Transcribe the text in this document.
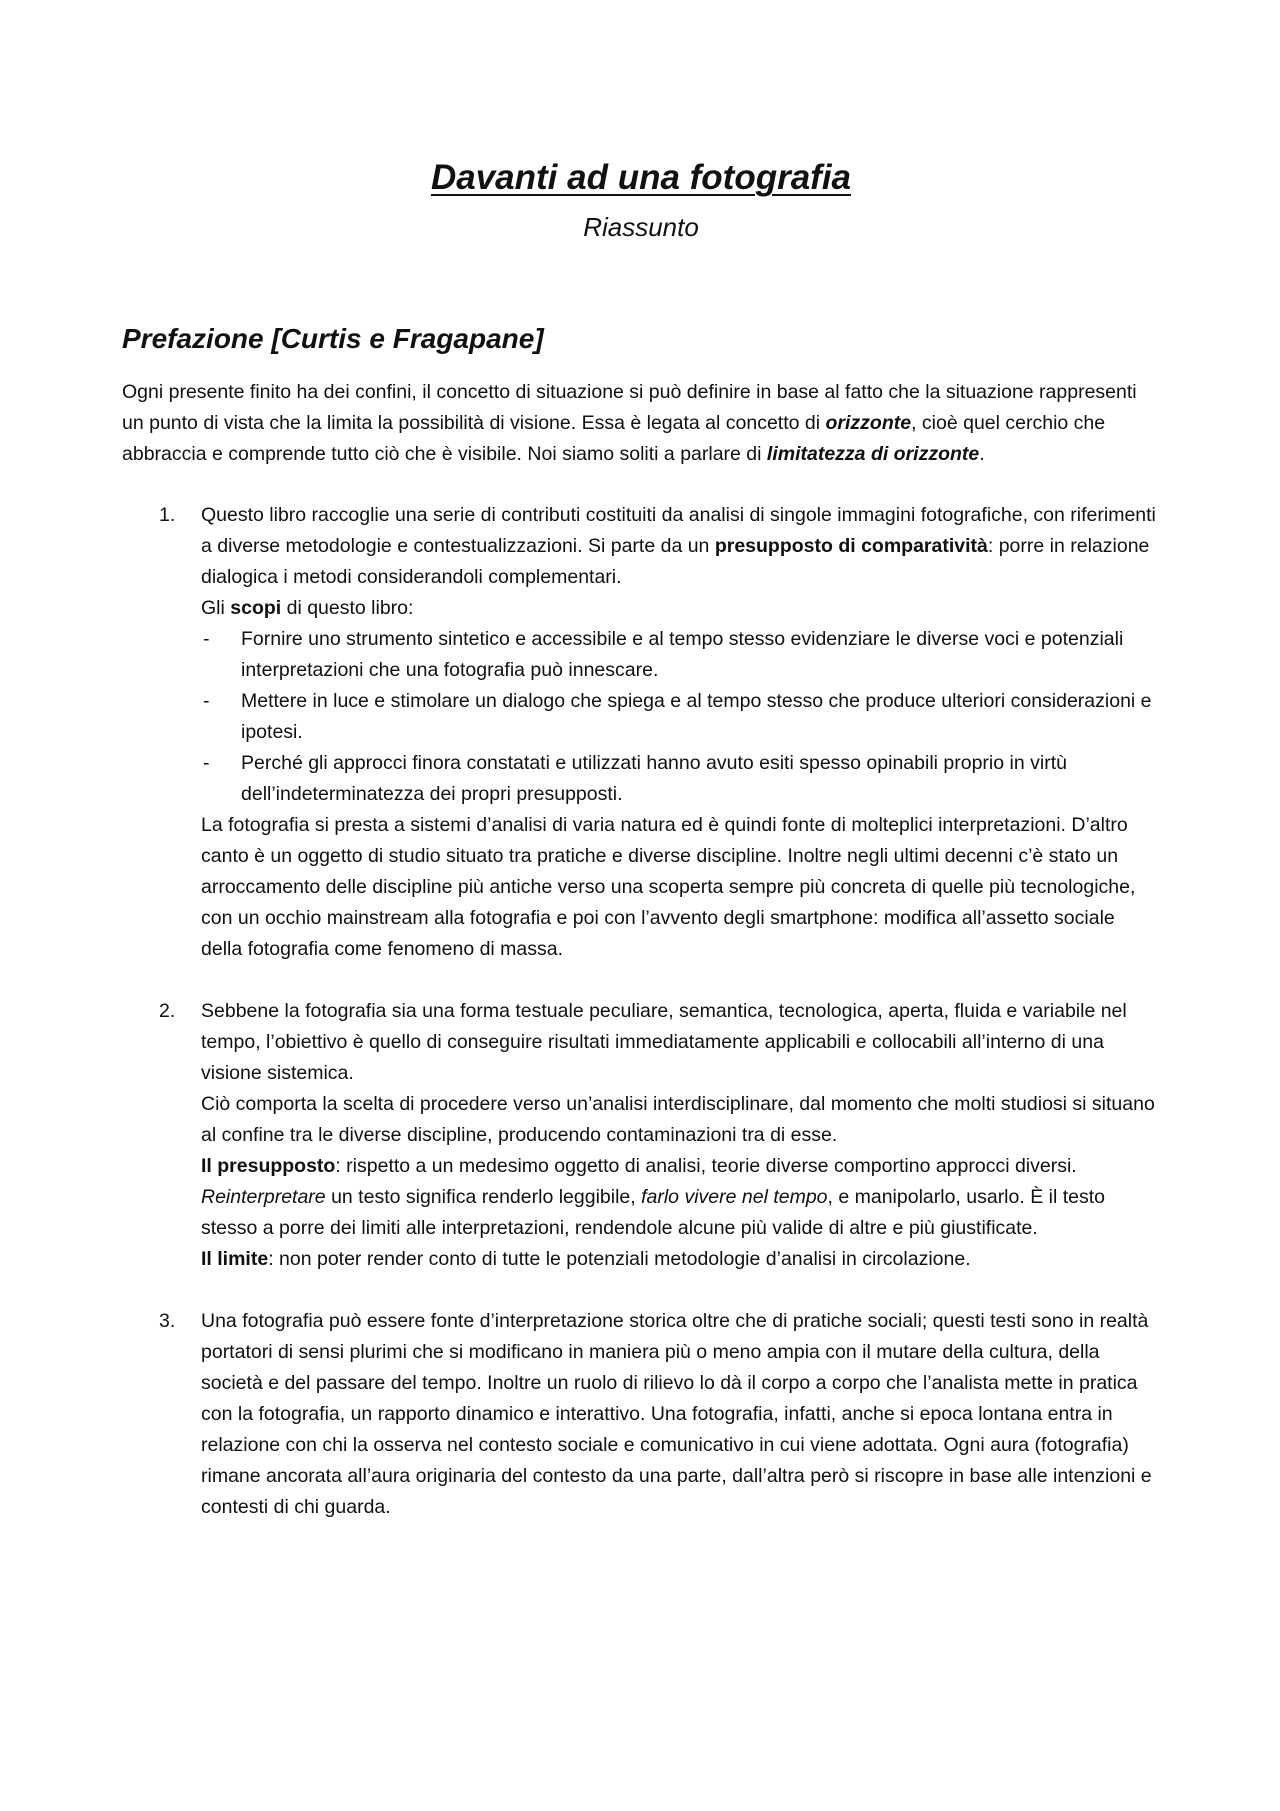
Davanti ad una fotografia

Riassunto

Prefazione [Curtis e Fragapane]

Ogni presente finito ha dei confini, il concetto di situazione si può definire in base al fatto che la situazione rappresenti un punto di vista che la limita la possibilità di visione. Essa è legata al concetto di orizzonte, cioè quel cerchio che abbraccia e comprende tutto ciò che è visibile. Noi siamo soliti a parlare di limitatezza di orizzonte.

1. Questo libro raccoglie una serie di contributi costituiti da analisi di singole immagini fotografiche, con riferimenti a diverse metodologie e contestualizzazioni. Si parte da un presupposto di comparatività: porre in relazione dialogica i metodi considerandoli complementari.
Gli scopi di questo libro:
- Fornire uno strumento sintetico e accessibile e al tempo stesso evidenziare le diverse voci e potenziali interpretazioni che una fotografia può innescare.
- Mettere in luce e stimolare un dialogo che spiega e al tempo stesso che produce ulteriori considerazioni e ipotesi.
- Perché gli approcci finora constatati e utilizzati hanno avuto esiti spesso opinabili proprio in virtù dell’indeterminatezza dei propri presupposti.
La fotografia si presta a sistemi d’analisi di varia natura ed è quindi fonte di molteplici interpretazioni. D’altro canto è un oggetto di studio situato tra pratiche e diverse discipline. Inoltre negli ultimi decenni c’è stato un arroccamento delle discipline più antiche verso una scoperta sempre più concreta di quelle più tecnologiche, con un occhio mainstream alla fotografia e poi con l’avvento degli smartphone: modifica all’assetto sociale della fotografia come fenomeno di massa.
2. Sebbene la fotografia sia una forma testuale peculiare, semantica, tecnologica, aperta, fluida e variabile nel tempo, l’obiettivo è quello di conseguire risultati immediatamente applicabili e collocabili all’interno di una visione sistemica.
Ciò comporta la scelta di procedere verso un’analisi interdisciplinare, dal momento che molti studiosi si situano al confine tra le diverse discipline, producendo contaminazioni tra di esse.
Il presupposto: rispetto a un medesimo oggetto di analisi, teorie diverse comportino approcci diversi. Reinterpretare un testo significa renderlo leggibile, farlo vivere nel tempo, e manipolarlo, usarlo. È il testo stesso a porre dei limiti alle interpretazioni, rendendole alcune più valide di altre e più giustificate.
Il limite: non poter render conto di tutte le potenziali metodologie d’analisi in circolazione.
3. Una fotografia può essere fonte d’interpretazione storica oltre che di pratiche sociali; questi testi sono in realtà portatori di sensi plurimi che si modificano in maniera più o meno ampia con il mutare della cultura, della società e del passare del tempo. Inoltre un ruolo di rilievo lo dà il corpo a corpo che l’analista mette in pratica con la fotografia, un rapporto dinamico e interattivo. Una fotografia, infatti, anche si epoca lontana entra in relazione con chi la osserva nel contesto sociale e comunicativo in cui viene adottata. Ogni aura (fotografia) rimane ancorata all’aura originaria del contesto da una parte, dall’altra però si riscopre in base alle intenzioni e contesti di chi guarda.
